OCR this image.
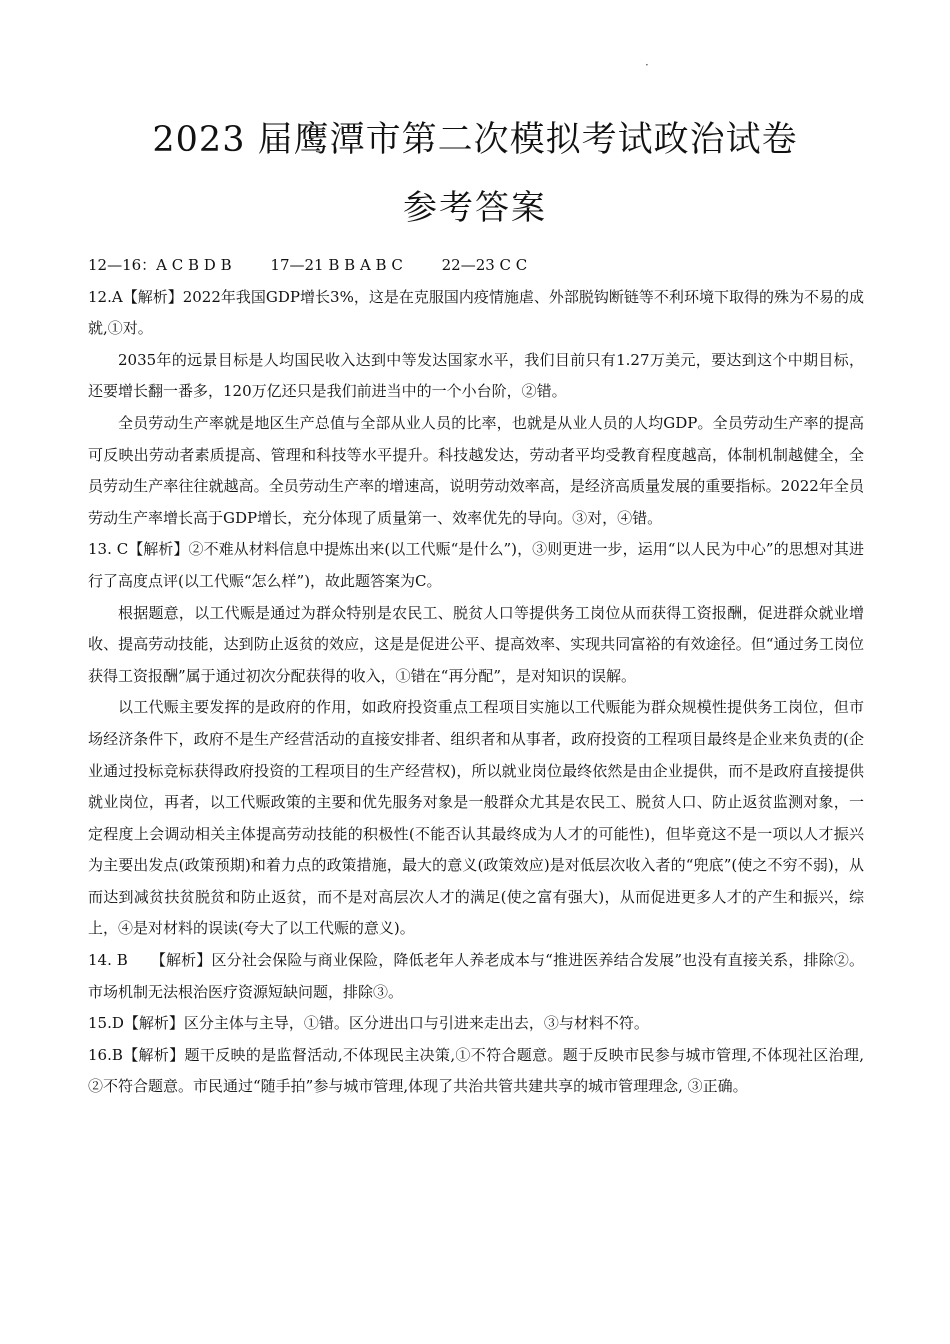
·
2023 届鹰潭市第二次模拟考试政治试卷
参考答案

12—16：A C B D B	17—21 B B A B C	22—23 C C

12.A【解析】2022年我国GDP增长3%，这是在克服国内疫情施虐、外部脱钩断链等不利环境下取得的殊为不易的成就,①对。

2035年的远景目标是人均国民收入达到中等发达国家水平，我们目前只有1.27万美元，要达到这个中期目标，还要增长翻一番多，120万亿还只是我们前进当中的一个小台阶，②错。

全员劳动生产率就是地区生产总值与全部从业人员的比率，也就是从业人员的人均GDP。全员劳动生产率的提高可反映出劳动者素质提高、管理和科技等水平提升。科技越发达，劳动者平均受教育程度越高，体制机制越健全，全员劳动生产率往往就越高。全员劳动生产率的增速高，说明劳动效率高，是经济高质量发展的重要指标。2022年全员劳动生产率增长高于GDP增长，充分体现了质量第一、效率优先的导向。③对，④错。

13. C【解析】②不难从材料信息中提炼出来(以工代赈“是什么”)，③则更进一步，运用“以人民为中心”的思想对其进行了高度点评(以工代赈“怎么样”)，故此题答案为C。

根据题意，以工代赈是通过为群众特别是农民工、脱贫人口等提供务工岗位从而获得工资报酬，促进群众就业增收、提高劳动技能，达到防止返贫的效应，这是是促进公平、提高效率、实现共同富裕的有效途径。但“通过务工岗位获得工资报酬”属于通过初次分配获得的收入，①错在“再分配”，是对知识的误解。

以工代赈主要发挥的是政府的作用，如政府投资重点工程项目实施以工代赈能为群众规模性提供务工岗位，但市场经济条件下，政府不是生产经营活动的直接安排者、组织者和从事者，政府投资的工程项目最终是企业来负责的(企业通过投标竞标获得政府投资的工程项目的生产经营权)，所以就业岗位最终依然是由企业提供，而不是政府直接提供就业岗位，再者，以工代赈政策的主要和优先服务对象是一般群众尤其是农民工、脱贫人口、防止返贫监测对象，一定程度上会调动相关主体提高劳动技能的积极性(不能否认其最终成为人才的可能性)，但毕竟这不是一项以人才振兴为主要出发点(政策预期)和着力点的政策措施，最大的意义(政策效应)是对低层次收入者的“兜底”(使之不穷不弱)，从而达到减贫扶贫脱贫和防止返贫，而不是对高层次人才的满足(使之富有强大)，从而促进更多人才的产生和振兴，综上，④是对材料的误读(夸大了以工代赈的意义)。

14. B　　【解析】区分社会保险与商业保险，降低老年人养老成本与“推进医养结合发展”也没有直接关系，排除②。市场机制无法根治医疗资源短缺问题，排除③。

15.D【解析】区分主体与主导，①错。区分进出口与引进来走出去，③与材料不符。

16.B【解析】题干反映的是监督活动,不体现民主决策,①不符合题意。题于反映市民参与城市管理,不体现社区治理, ②不符合题意。市民通过“随手拍”参与城市管理,体现了共治共管共建共享的城市管理理念, ③正确。
